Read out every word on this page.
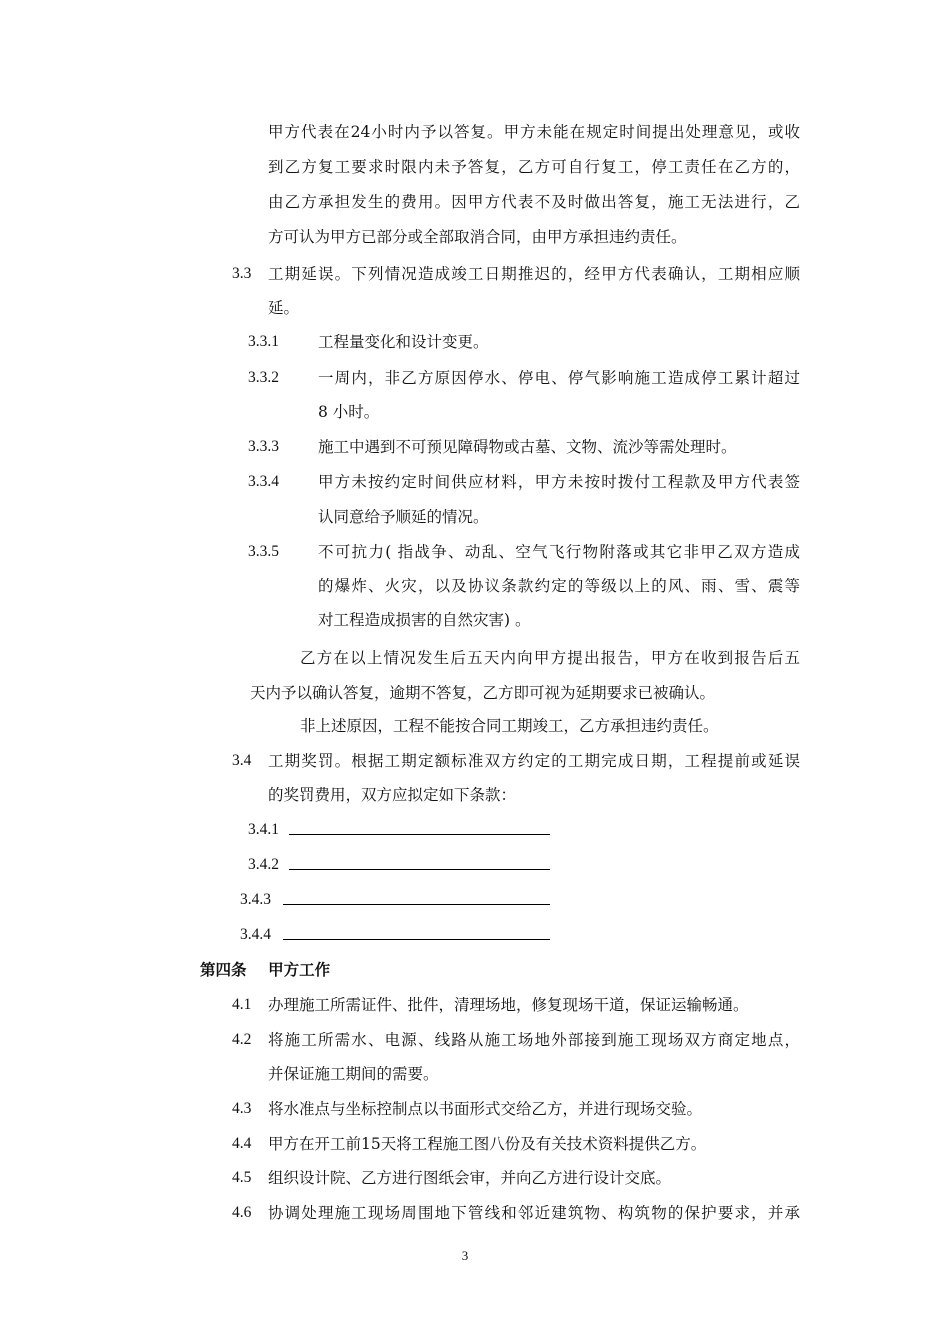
甲方代表在24小时内予以答复。甲方未能在规定时间提出处理意见，或收
到乙方复工要求时限内未予答复，乙方可自行复工，停工责任在乙方的，
由乙方承担发生的费用。因甲方代表不及时做出答复，施工无法进行，乙
方可认为甲方已部分或全部取消合同，由甲方承担违约责任。
3.3 工期延误。下列情况造成竣工日期推迟的，经甲方代表确认，工期相应顺
延。
3.3.1	工程量变化和设计变更。
3.3.2	一周内，非乙方原因停水、停电、停气影响施工造成停工累计超过
8 小时。
3.3.3	施工中遇到不可预见障碍物或古墓、文物、流沙等需处理时。
3.3.4	甲方未按约定时间供应材料，甲方未按时拨付工程款及甲方代表签
认同意给予顺延的情况。
3.3.5	不可抗力( 指战争、动乱、空气飞行物附落或其它非甲乙双方造成
的爆炸、火灾，以及协议条款约定的等级以上的风、雨、雪、震等
对工程造成损害的自然灾害) 。
乙方在以上情况发生后五天内向甲方提出报告，甲方在收到报告后五
天内予以确认答复，逾期不答复，乙方即可视为延期要求已被确认。
非上述原因，工程不能按合同工期竣工，乙方承担违约责任。
3.4 工期奖罚。根据工期定额标准双方约定的工期完成日期，工程提前或延误
的奖罚费用，双方应拟定如下条款：
3.4.1
3.4.2
3.4.3
3.4.4
第四条    甲方工作
4.1 办理施工所需证件、批件，清理场地，修复现场干道，保证运输畅通。
4.2 将施工所需水、电源、线路从施工场地外部接到施工现场双方商定地点，
并保证施工期间的需要。
4.3 将水准点与坐标控制点以书面形式交给乙方，并进行现场交验。
4.4 甲方在开工前15天将工程施工图八份及有关技术资料提供乙方。
4.5 组织设计院、乙方进行图纸会审，并向乙方进行设计交底。
4.6 协调处理施工现场周围地下管线和邻近建筑物、构筑物的保护要求，并承
3
